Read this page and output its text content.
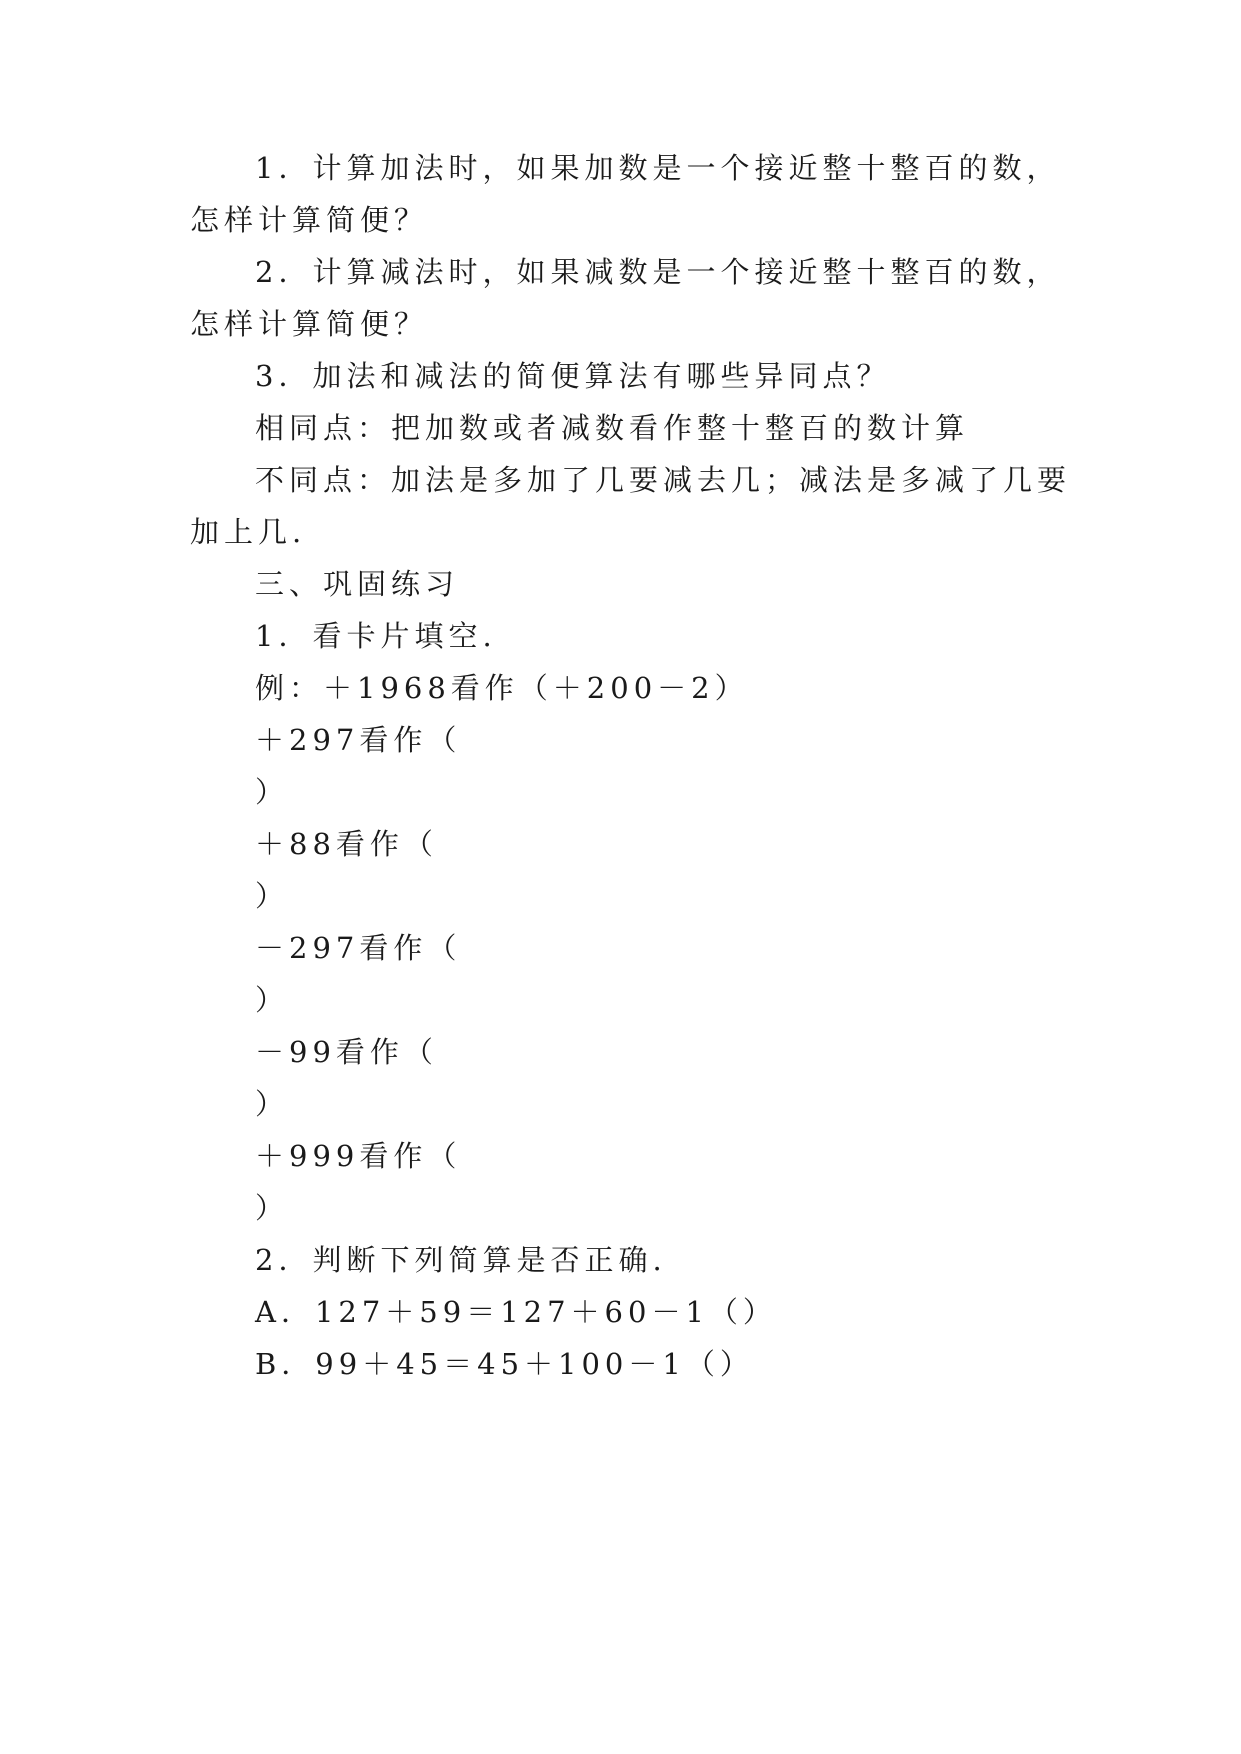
1．计算加法时，如果加数是一个接近整十整百的数，
怎样计算简便？
2．计算减法时，如果减数是一个接近整十整百的数，
怎样计算简便？
3．加法和减法的简便算法有哪些异同点？
相同点：把加数或者减数看作整十整百的数计算
不同点：加法是多加了几要减去几；减法是多减了几要
加上几.
三、巩固练习
1．看卡片填空.
例：＋1968看作（＋200－2）
＋297看作（
）
＋88看作（
）
－297看作（
）
－99看作（
）
＋999看作（
）
2．判断下列简算是否正确.
A．127＋59＝127＋60－1（）
B．99＋45＝45＋100－1（）
